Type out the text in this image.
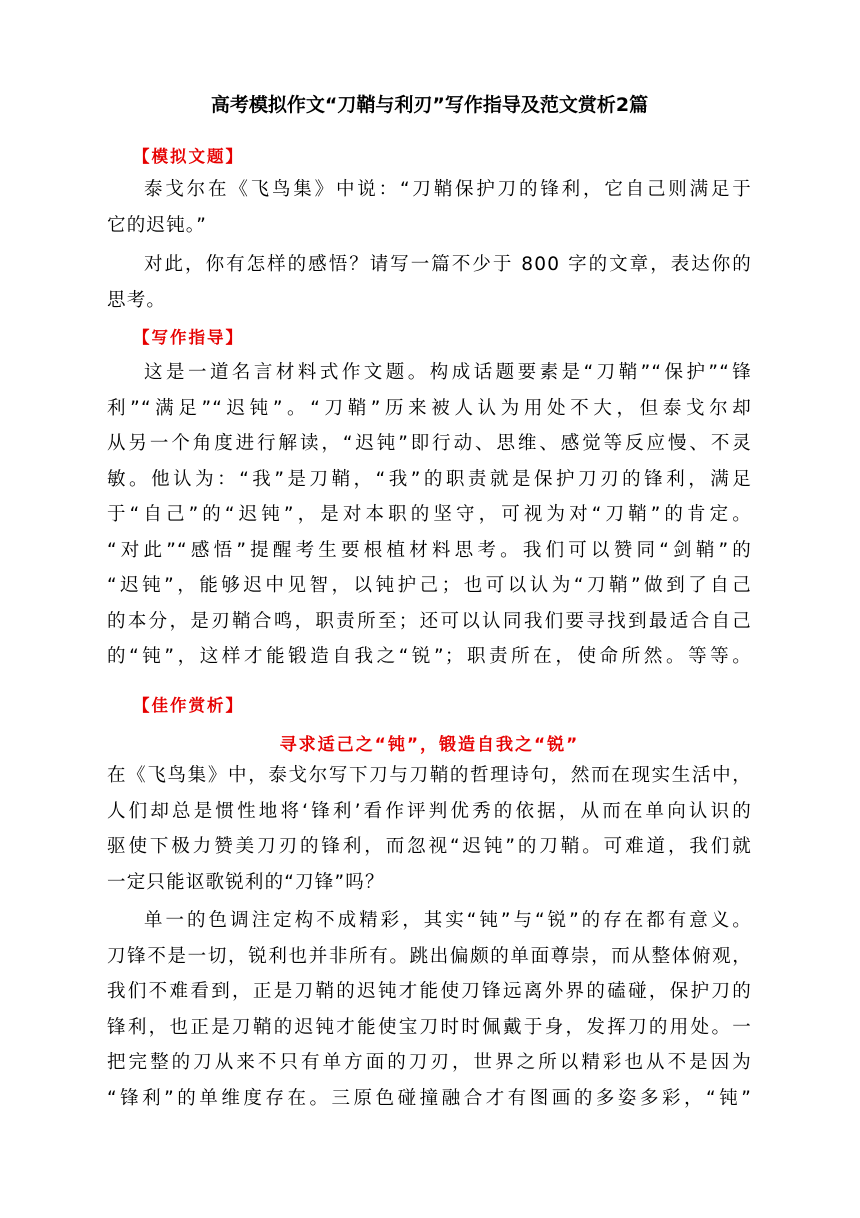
高考模拟作文“刀鞘与利刃”写作指导及范文赏析2篇
【模拟文题】
泰戈尔在《飞鸟集》中说：“刀鞘保护刀的锋利，它自己则满足于
它的迟钝。”
对此，你有怎样的感悟？请写一篇不少于 800 字的文章，表达你的
思考。
【写作指导】
这是一道名言材料式作文题。构成话题要素是“刀鞘”“保护”“锋
利”“满足”“迟钝”。“刀鞘”历来被人认为用处不大，但泰戈尔却
从另一个角度进行解读，“迟钝”即行动、思维、感觉等反应慢、不灵
敏。他认为：“我”是刀鞘，“我”的职责就是保护刀刃的锋利，满足
于“自己”的“迟钝”，是对本职的坚守，可视为对“刀鞘”的肯定。
“对此”“感悟”提醒考生要根植材料思考。我们可以赞同“剑鞘”的
“迟钝”，能够迟中见智，以钝护己；也可以认为“刀鞘”做到了自己
的本分，是刃鞘合鸣，职责所至；还可以认同我们要寻找到最适合自己
的“钝”，这样才能锻造自我之“锐”；职责所在，使命所然。等等。
【佳作赏析】
寻求适己之“钝”，锻造自我之“锐”
在《飞鸟集》中，泰戈尔写下刀与刀鞘的哲理诗句，然而在现实生活中，
人们却总是惯性地将‘锋利’看作评判优秀的依据，从而在单向认识的
驱使下极力赞美刀刃的锋利，而忽视“迟钝”的刀鞘。可难道，我们就
一定只能讴歌锐利的“刀锋”吗？
单一的色调注定构不成精彩，其实“钝”与“锐”的存在都有意义。
刀锋不是一切，锐利也并非所有。跳出偏颇的单面尊崇，而从整体俯观，
我们不难看到，正是刀鞘的迟钝才能使刀锋远离外界的磕碰，保护刀的
锋利，也正是刀鞘的迟钝才能使宝刀时时佩戴于身，发挥刀的用处。一
把完整的刀从来不只有单方面的刀刃，世界之所以精彩也从不是因为
“锋利”的单维度存在。三原色碰撞融合才有图画的多姿多彩，“钝”
